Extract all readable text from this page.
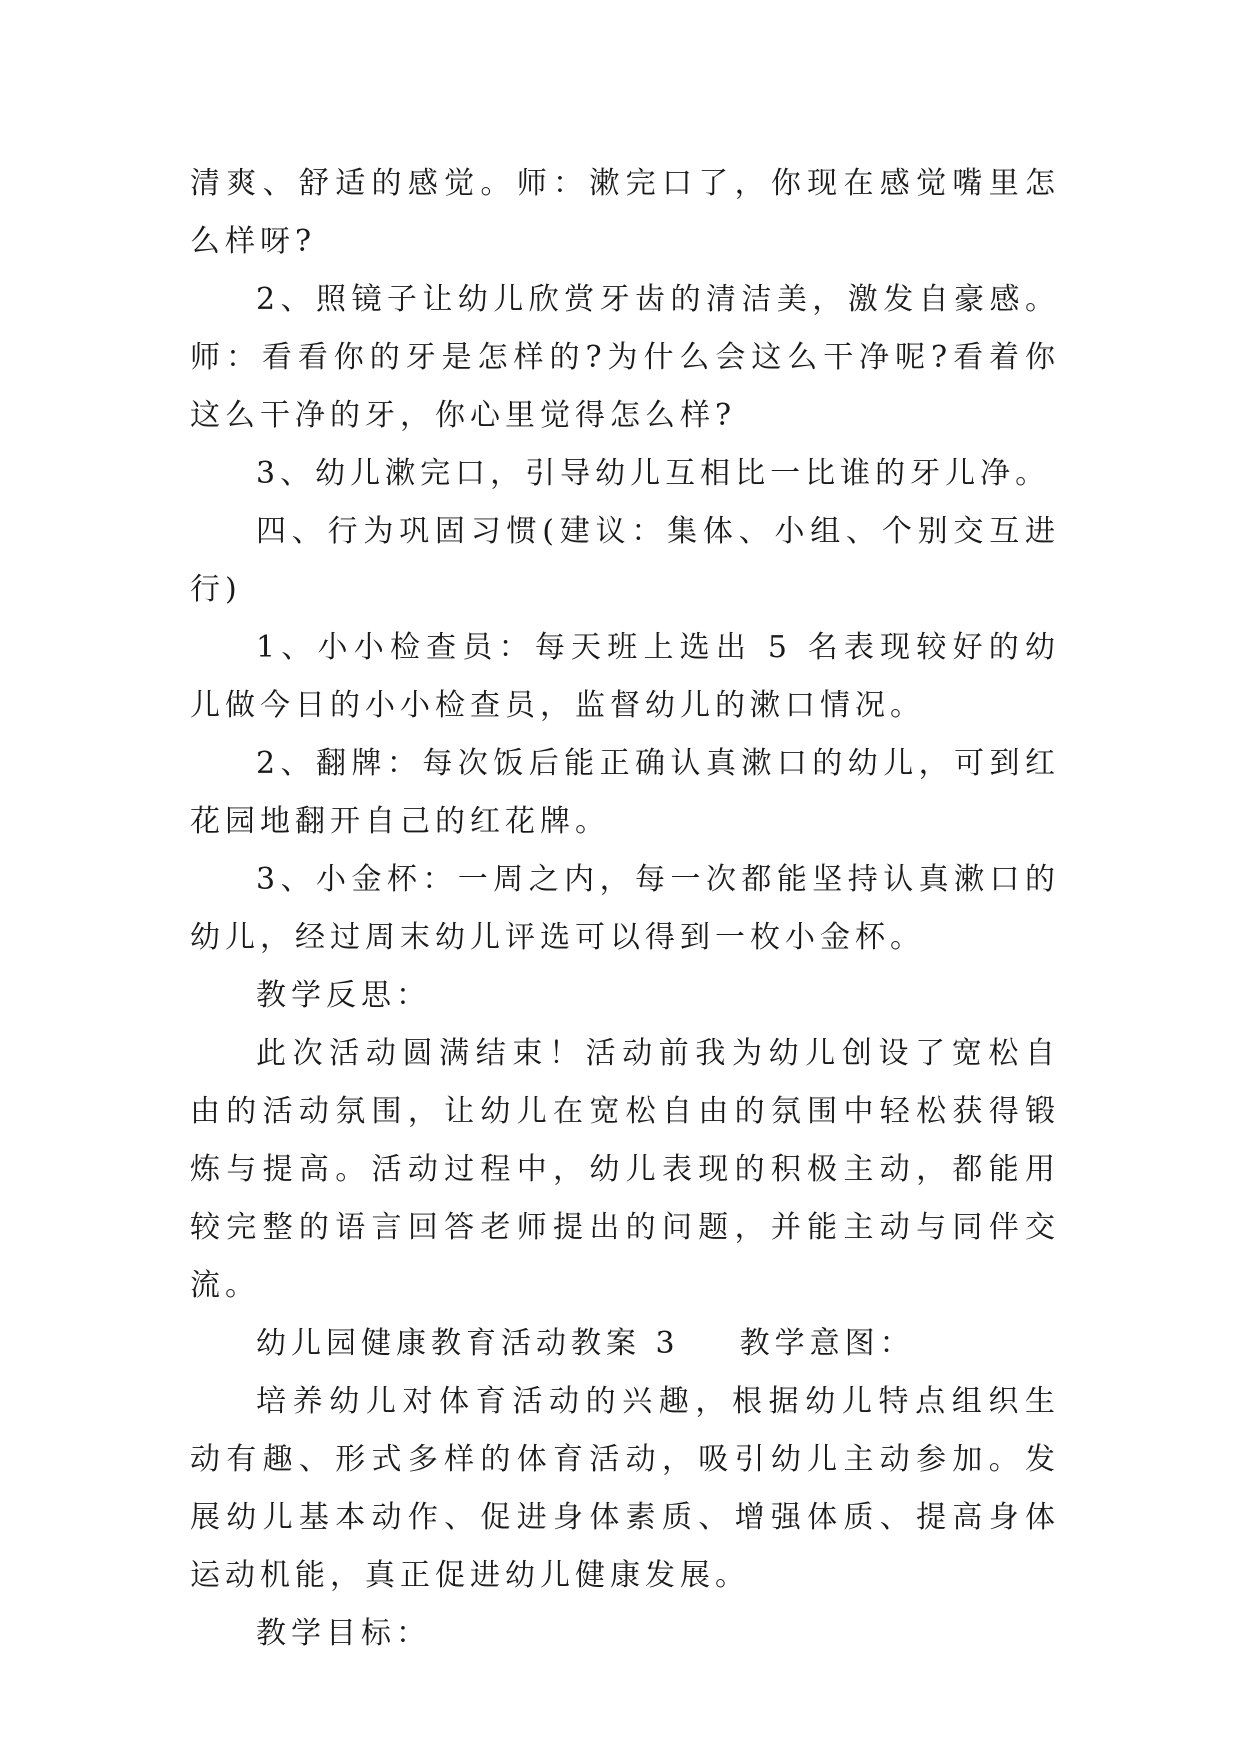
清爽、舒适的感觉。师：漱完口了，你现在感觉嘴里怎么样呀?

2、照镜子让幼儿欣赏牙齿的清洁美，激发自豪感。师：看看你的牙是怎样的?为什么会这么干净呢?看着你这么干净的牙，你心里觉得怎么样?

3、幼儿漱完口，引导幼儿互相比一比谁的牙儿净。

四、行为巩固习惯(建议：集体、小组、个别交互进行)

1、小小检查员：每天班上选出 5 名表现较好的幼儿做今日的小小检查员，监督幼儿的漱口情况。

2、翻牌：每次饭后能正确认真漱口的幼儿，可到红花园地翻开自己的红花牌。

3、小金杯：一周之内，每一次都能坚持认真漱口的幼儿，经过周末幼儿评选可以得到一枚小金杯。

教学反思：

此次活动圆满结束！活动前我为幼儿创设了宽松自由的活动氛围，让幼儿在宽松自由的氛围中轻松获得锻炼与提高。活动过程中，幼儿表现的积极主动，都能用较完整的语言回答老师提出的问题，并能主动与同伴交流。

幼儿园健康教育活动教案 3 教学意图：

培养幼儿对体育活动的兴趣，根据幼儿特点组织生动有趣、形式多样的体育活动，吸引幼儿主动参加。发展幼儿基本动作、促进身体素质、增强体质、提高身体运动机能，真正促进幼儿健康发展。

教学目标：
